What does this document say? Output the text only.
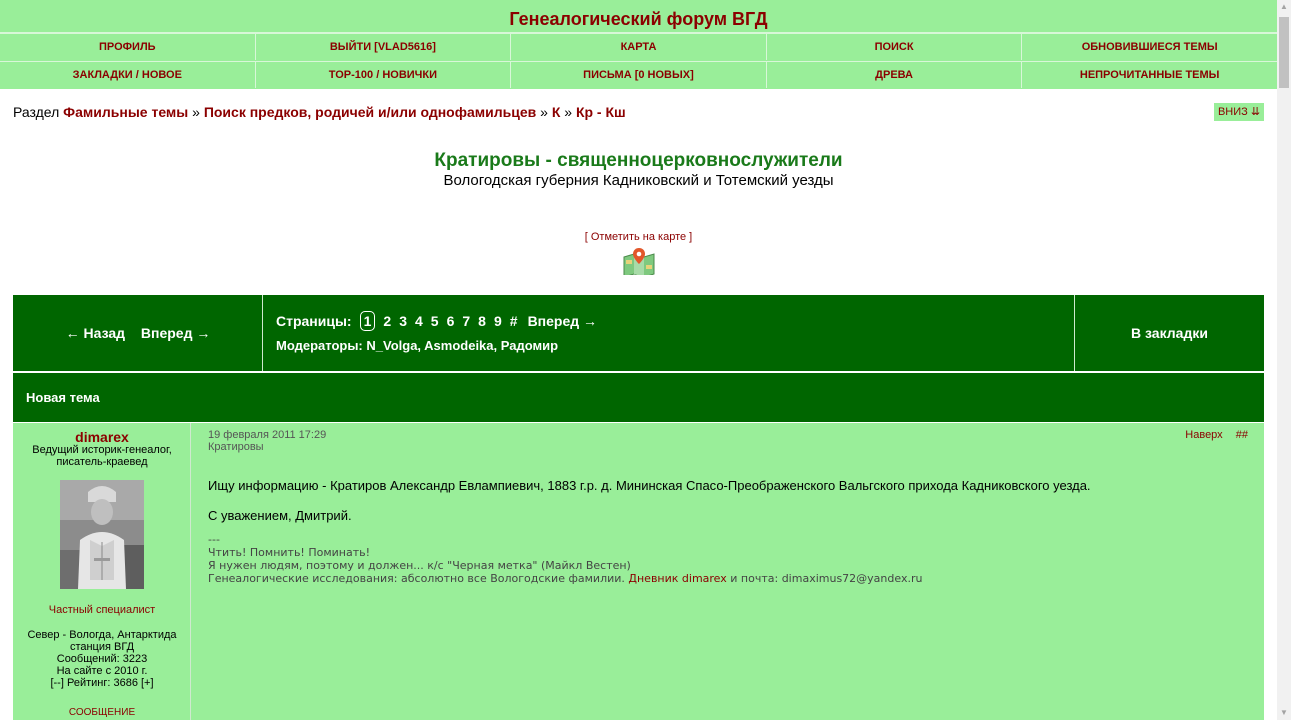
Генеалогический форум ВГД
ПРОФИЛЬ	ВЫЙТИ [VLAD5616]	КАРТА	ПОИСК	ОБНОВИВШИЕСЯ ТЕМЫ
ЗАКЛАДКИ / НОВОЕ	TOP-100 / НОВИЧКИ	ПИСЬМА [0 НОВЫХ]	ДРЕВА	НЕПРОЧИТАННЫЕ ТЕМЫ
Раздел Фамильные темы » Поиск предков, родичей и/или однофамильцев » К » Кр - Кш	ВНИЗ ⇊
Кратировы - священноцерковнослужители
Вологодская губерния Кадниковский и Тотемский уезды
[ Отметить на карте ]
← Назад Вперед →
Страницы: 1 2 3 4 5 6 7 8 9 # Вперед →
Модераторы: N_Volga, Asmodeika, Радомир
В закладки
Новая тема
dimarex
Ведущий историк-генеалог,
писатель-краевед
Частный специалист
Север - Вологда, Антарктида
станция ВГД
Сообщений: 3223
На сайте с 2010 г.
[--] Рейтинг: 3686 [+]
СООБЩЕНИЕ
19 февраля 2011 17:29
Кратировы
Наверх ##
Ищу информацию - Кратиров Александр Евлампиевич, 1883 г.р. д. Мининская Спасо-Преображенского Вальгского прихода Кадниковского уезда.
С уважением, Дмитрий.
---
Чтить! Помнить! Поминать!
Я нужен людям, поэтому и должен... к/с "Черная метка" (Майкл Вестен)
Генеалогические исследования: абсолютно все Вологодские фамилии. Дневник dimarex и почта: dimaximus72@yandex.ru
▲
▼
